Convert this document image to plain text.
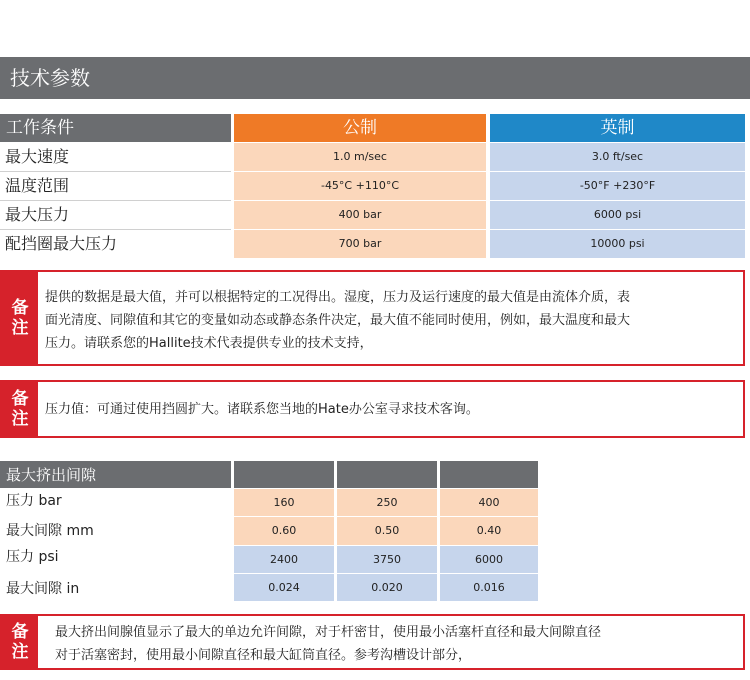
技术参数
工作条件	公制	英制
最大速度	1.0 m/sec	3.0 ft/sec
温度范围	-45°C +110°C	-50°F +230°F
最大压力	400 bar	6000 psi
配挡圈最大压力	700 bar	10000 psi
备
注
提供的数据是最大值，并可以根据特定的工况得出。湿度，压力及运行速度的最大值是由流体介质，表
面光清度、同隙值和其它的变量如动态或静态条件决定，最大值不能同时使用，例如，最大温度和最大
压力。请联系您的Hallite技术代表提供专业的技术支持，
备
注 压力值：可通过使用挡圆扩大。诸联系您当地的Hate办公室寻求技术客询。
最大挤出间隙
压力 bar	160	250	400
最大间隙 mm	0.60	0.50	0.40
压力 psi	2400	3750	6000
最大间隙 in	0.024	0.020	0.016
备
注
最大挤出间腺值显示了最大的单边允许间隙，对于杆密甘，使用最小活塞杆直径和最大间隙直径
对于活塞密封，使用最小间隙直径和最大缸筒直径。参考沟槽设计部分，
